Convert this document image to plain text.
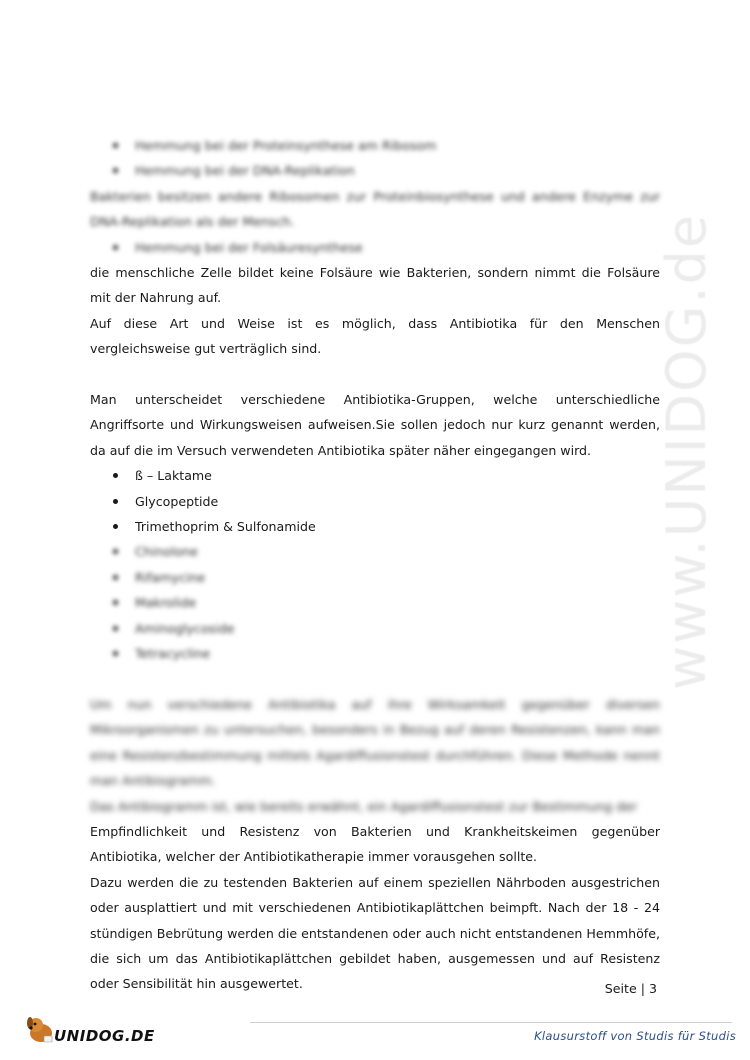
www.UNIDOG.de
Hemmung bei der Proteinsynthese am Ribosom
Hemmung bei der DNA-Replikation

Bakterien besitzen andere Ribosomen zur Proteinbiosynthese und andere Enzyme zur DNA-Replikation als der Mensch.

Hemmung bei der Folsäuresynthese

die menschliche Zelle bildet keine Folsäure wie Bakterien, sondern nimmt die Folsäure mit der Nahrung auf.

Auf diese Art und Weise ist es möglich, dass Antibiotika für den Menschen vergleichsweise gut verträglich sind.

Man unterscheidet verschiedene Antibiotika-Gruppen, welche unterschiedliche Angriffsorte und Wirkungsweisen aufweisen.Sie sollen jedoch nur kurz genannt werden, da auf die im Versuch verwendeten Antibiotika später näher eingegangen wird.

ß – Laktame
Glycopeptide
Trimethoprim & Sulfonamide
Chinolone
Rifamycine
Makrolide
Aminoglycoside
Tetracycline

Um nun verschiedene Antibiotika auf ihre Wirksamkeit gegenüber diversen Mikroorganismen zu untersuchen, besonders in Bezug auf deren Resistenzen, kann man eine Resistenzbestimmung mittels Agardiffusionstest durchführen. Diese Methode nennt man Antibiogramm.

Das Antibiogramm ist, wie bereits erwähnt, ein Agardiffusionstest zur Bestimmung der

Empfindlichkeit und Resistenz von Bakterien und Krankheitskeimen gegenüber Antibiotika, welcher der Antibiotikatherapie immer vorausgehen sollte.

Dazu werden die zu testenden Bakterien auf einem speziellen Nährboden ausgestrichen oder ausplattiert und mit verschiedenen Antibiotikaplättchen beimpft. Nach der 18 - 24 stündigen Bebrütung werden die entstandenen oder auch nicht entstandenen Hemmhöfe, die sich um das Antibiotikaplättchen gebildet haben, ausgemessen und auf Resistenz oder Sensibilität hin ausgewertet.	Seite | 3
UNIDOG.DE	Klausurstoff von Studis für Studis
